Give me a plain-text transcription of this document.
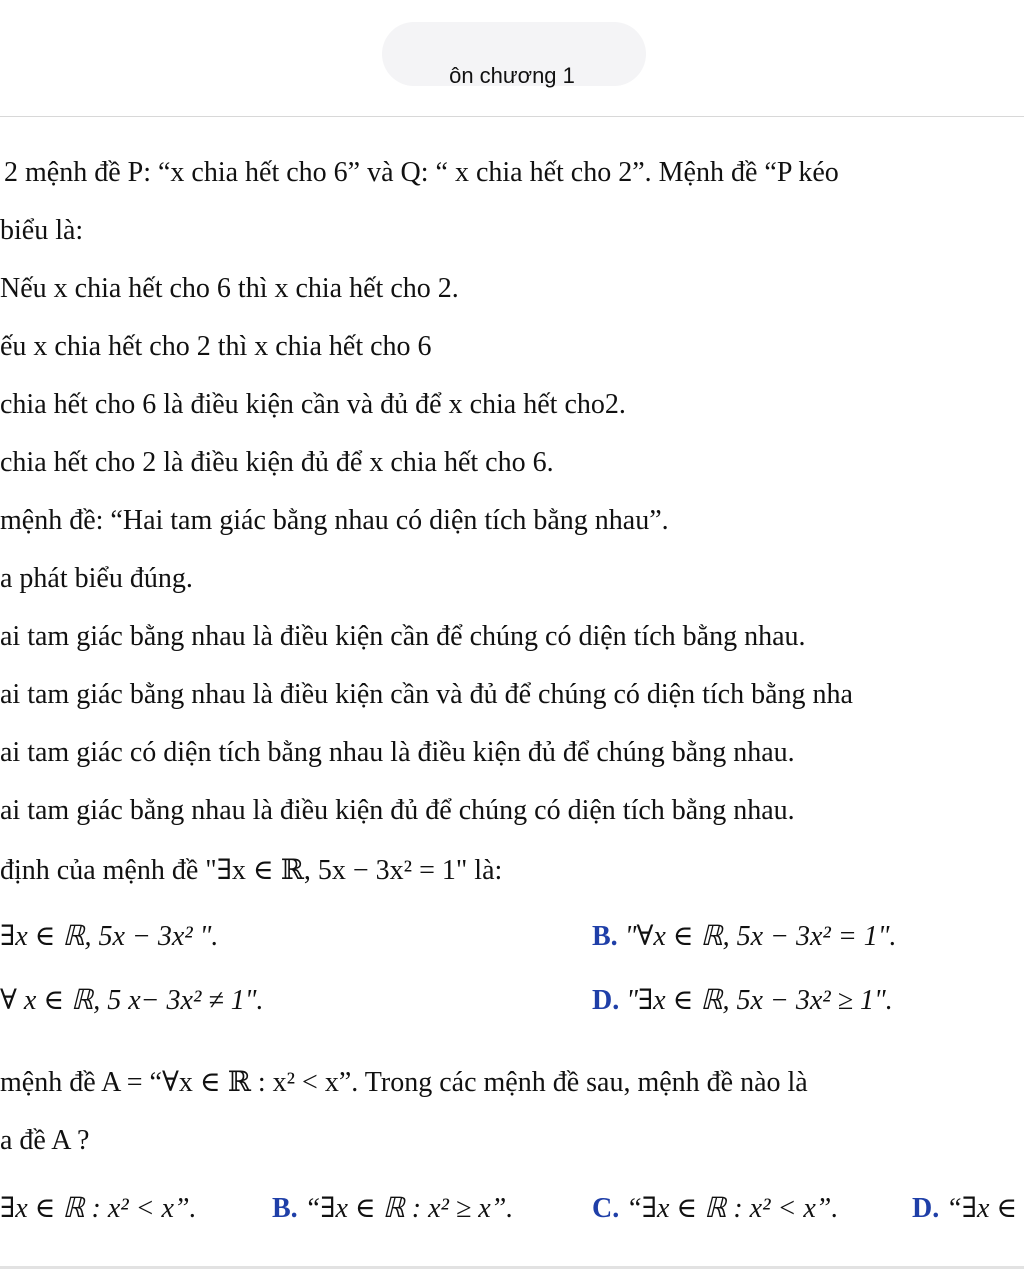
ôn chương 1
2 mệnh đề P: “x chia hết cho 6” và Q: “ x chia hết cho 2”. Mệnh đề “P kéo
biểu là:
Nếu x chia hết cho 6 thì x chia hết cho 2.
ếu x chia hết cho 2 thì x chia hết cho 6
chia hết cho 6 là điều kiện cần và đủ để x chia hết cho2.
chia hết cho 2 là điều kiện đủ để x chia hết cho 6.
mệnh đề: “Hai tam giác bằng nhau có diện tích bằng nhau”.
a phát biểu đúng.
ai tam giác bằng nhau là điều kiện cần để chúng có diện tích bằng nhau.
ai tam giác bằng nhau là điều kiện cần và đủ để chúng có diện tích bằng nha
ai tam giác có diện tích bằng nhau là điều kiện đủ để chúng bằng nhau.
ai tam giác bằng nhau là điều kiện đủ để chúng có diện tích bằng nhau.
định của mệnh đề "∃x ∈ ℝ, 5x − 3x² = 1" là:
∃x ∈ ℝ, 5x − 3x² ".	B. "∀x ∈ ℝ, 5x − 3x² = 1".
∀ x ∈ ℝ, 5 x− 3x² ≠ 1".	D. "∃x ∈ ℝ, 5x − 3x² ≥ 1".
mệnh đề A = “∀x ∈ ℝ : x² < x”. Trong các mệnh đề sau, mệnh đề nào là
a đề A ?
∃x ∈ ℝ : x² < x”.	B. “∃x ∈ ℝ : x² ≥ x”.	C. “∃x ∈ ℝ : x² < x”.	D. “∃x ∈
